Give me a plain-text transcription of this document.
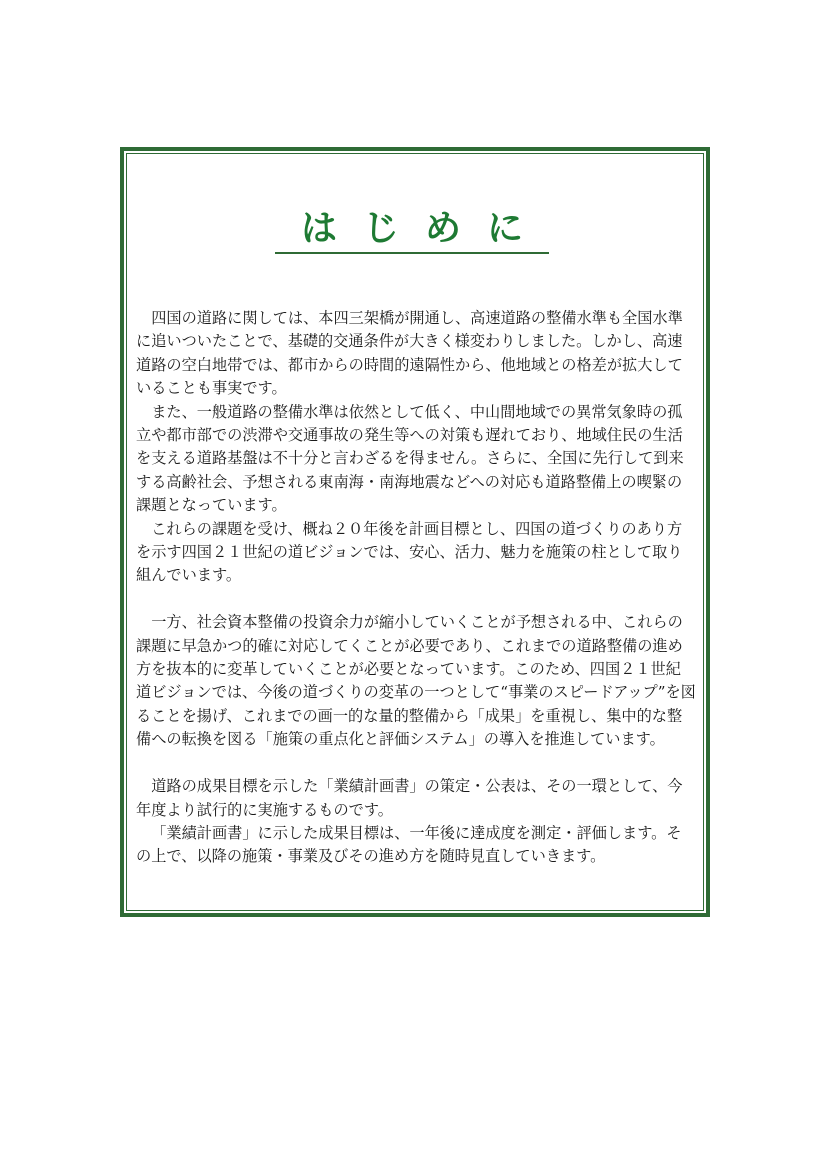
はじめに

四国の道路に関しては、本四三架橋が開通し、高速道路の整備水準も全国水準に追いついたことで、基礎的交通条件が大きく様変わりしました。しかし、高速道路の空白地帯では、都市からの時間的遠隔性から、他地域との格差が拡大していることも事実です。

また、一般道路の整備水準は依然として低く、中山間地域での異常気象時の孤立や都市部での渋滞や交通事故の発生等への対策も遅れており、地域住民の生活を支える道路基盤は不十分と言わざるを得ません。さらに、全国に先行して到来する高齢社会、予想される東南海・南海地震などへの対応も道路整備上の喫緊の課題となっています。

これらの課題を受け、概ね２０年後を計画目標とし、四国の道づくりのあり方を示す四国２１世紀の道ビジョンでは、安心、活力、魅力を施策の柱として取り組んでいます。

一方、社会資本整備の投資余力が縮小していくことが予想される中、これらの課題に早急かつ的確に対応してくことが必要であり、これまでの道路整備の進め方を抜本的に変革していくことが必要となっています。このため、四国２１世紀道ビジョンでは、今後の道づくりの変革の一つとして“事業のスピードアップ”を図ることを揚げ、これまでの画一的な量的整備から「成果」を重視し、集中的な整備への転換を図る「施策の重点化と評価システム」の導入を推進しています。

道路の成果目標を示した「業績計画書」の策定・公表は、その一環として、今年度より試行的に実施するものです。

「業績計画書」に示した成果目標は、一年後に達成度を測定・評価します。その上で、以降の施策・事業及びその進め方を随時見直していきます。
